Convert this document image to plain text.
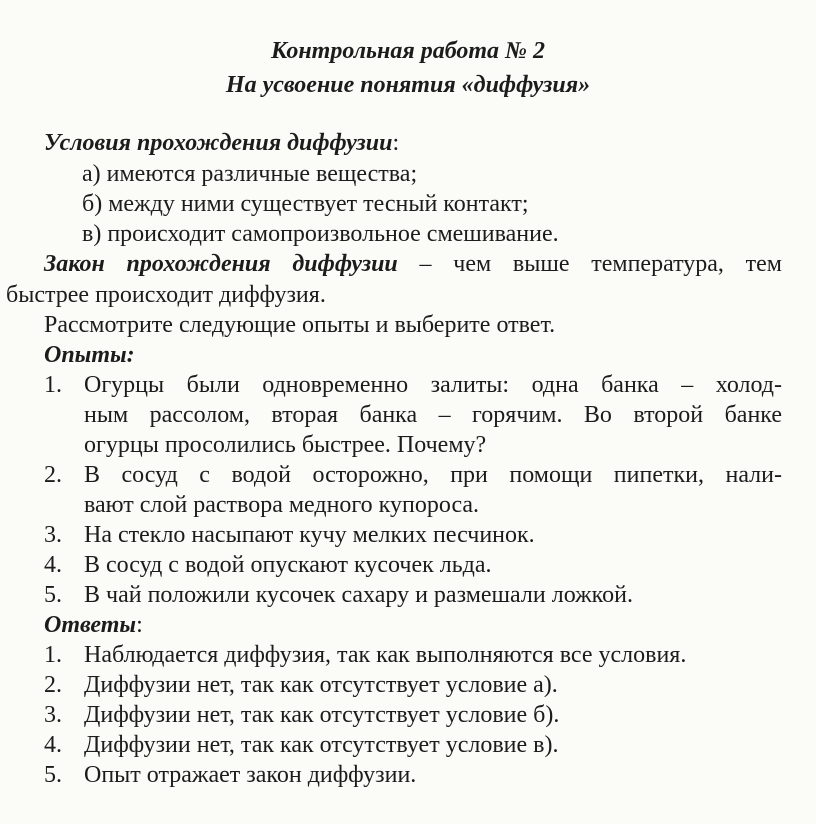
Контрольная работа № 2
На усвоение понятия «диффузия»
Условия прохождения диффузии:
а) имеются различные вещества;
б) между ними существует тесный контакт;
в) происходит самопроизвольное смешивание.
Закон прохождения диффузии – чем выше температура, тем
быстрее происходит диффузия.
Рассмотрите следующие опыты и выберите ответ.
Опыты:
1. Огурцы были одновременно залиты: одна банка – холод-
ным рассолом, вторая банка – горячим. Во второй банке
огурцы просолились быстрее. Почему?
2. В сосуд с водой осторожно, при помощи пипетки, нали-
вают слой раствора медного купороса.
3. На стекло насыпают кучу мелких песчинок.
4. В сосуд с водой опускают кусочек льда.
5. В чай положили кусочек сахару и размешали ложкой.
Ответы:
1. Наблюдается диффузия, так как выполняются все условия.
2. Диффузии нет, так как отсутствует условие а).
3. Диффузии нет, так как отсутствует условие б).
4. Диффузии нет, так как отсутствует условие в).
5. Опыт отражает закон диффузии.
